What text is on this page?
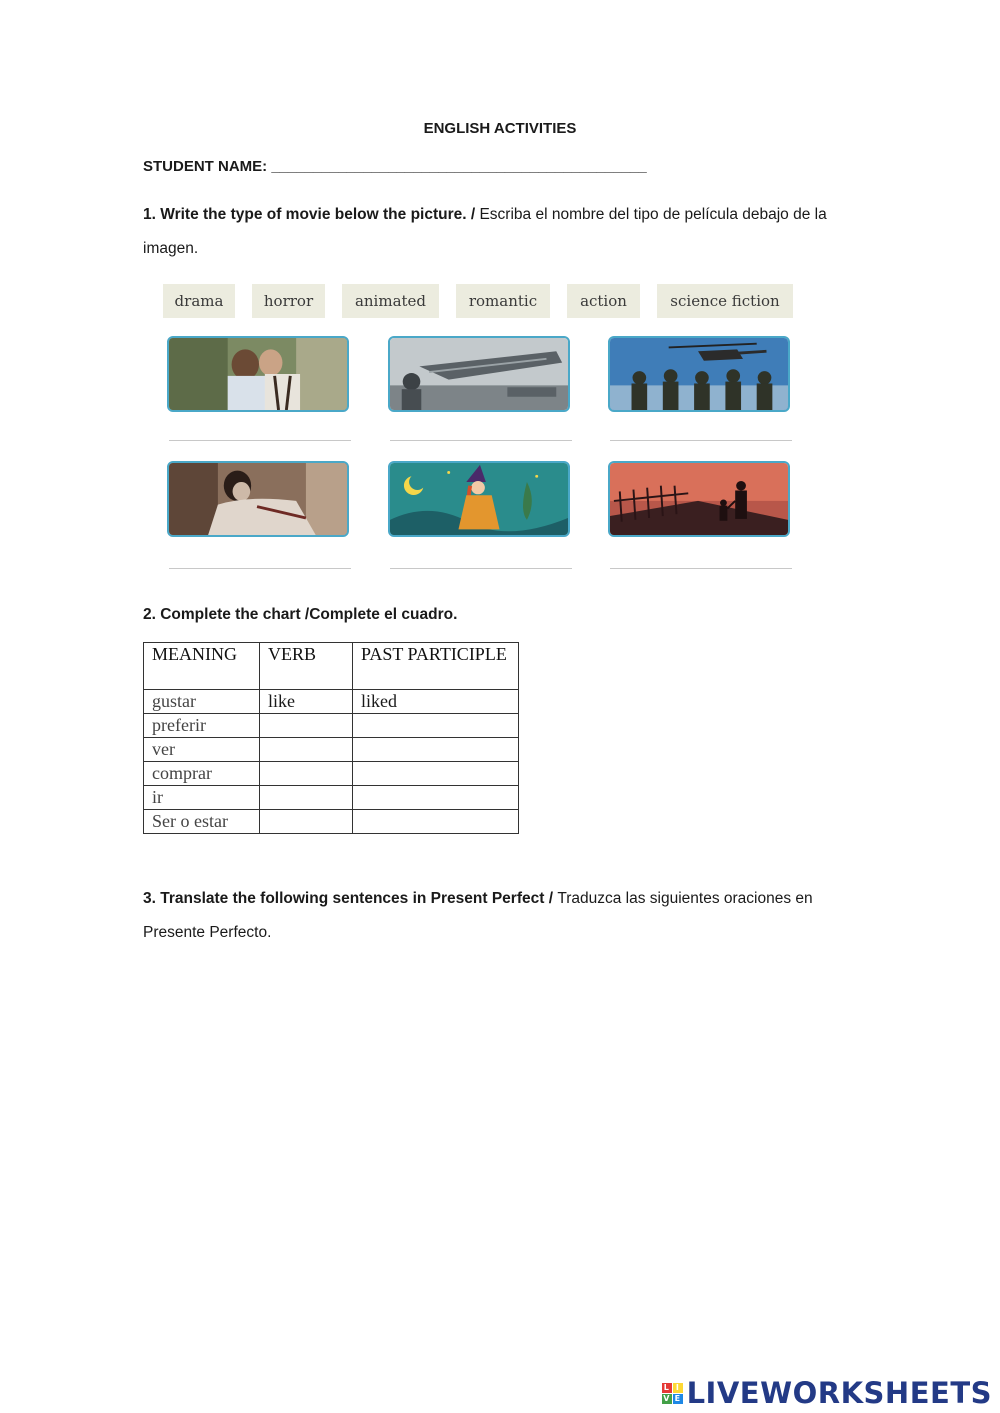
ENGLISH ACTIVITIES
STUDENT NAME: _____________________________________________
1. Write the type of movie below the picture. / Escriba el nombre del tipo de película debajo de la imagen.
drama	horror	animated	romantic	action	science fiction
2. Complete the chart /Complete el cuadro.
MEANING	VERB	PAST PARTICIPLE
gustar	like	liked
preferir		
ver		
comprar		
ir		
Ser o estar		
3. Translate the following sentences in Present Perfect / Traduzca las siguientes oraciones en Presente Perfecto.
L I
V E LIVEWORKSHEETS
